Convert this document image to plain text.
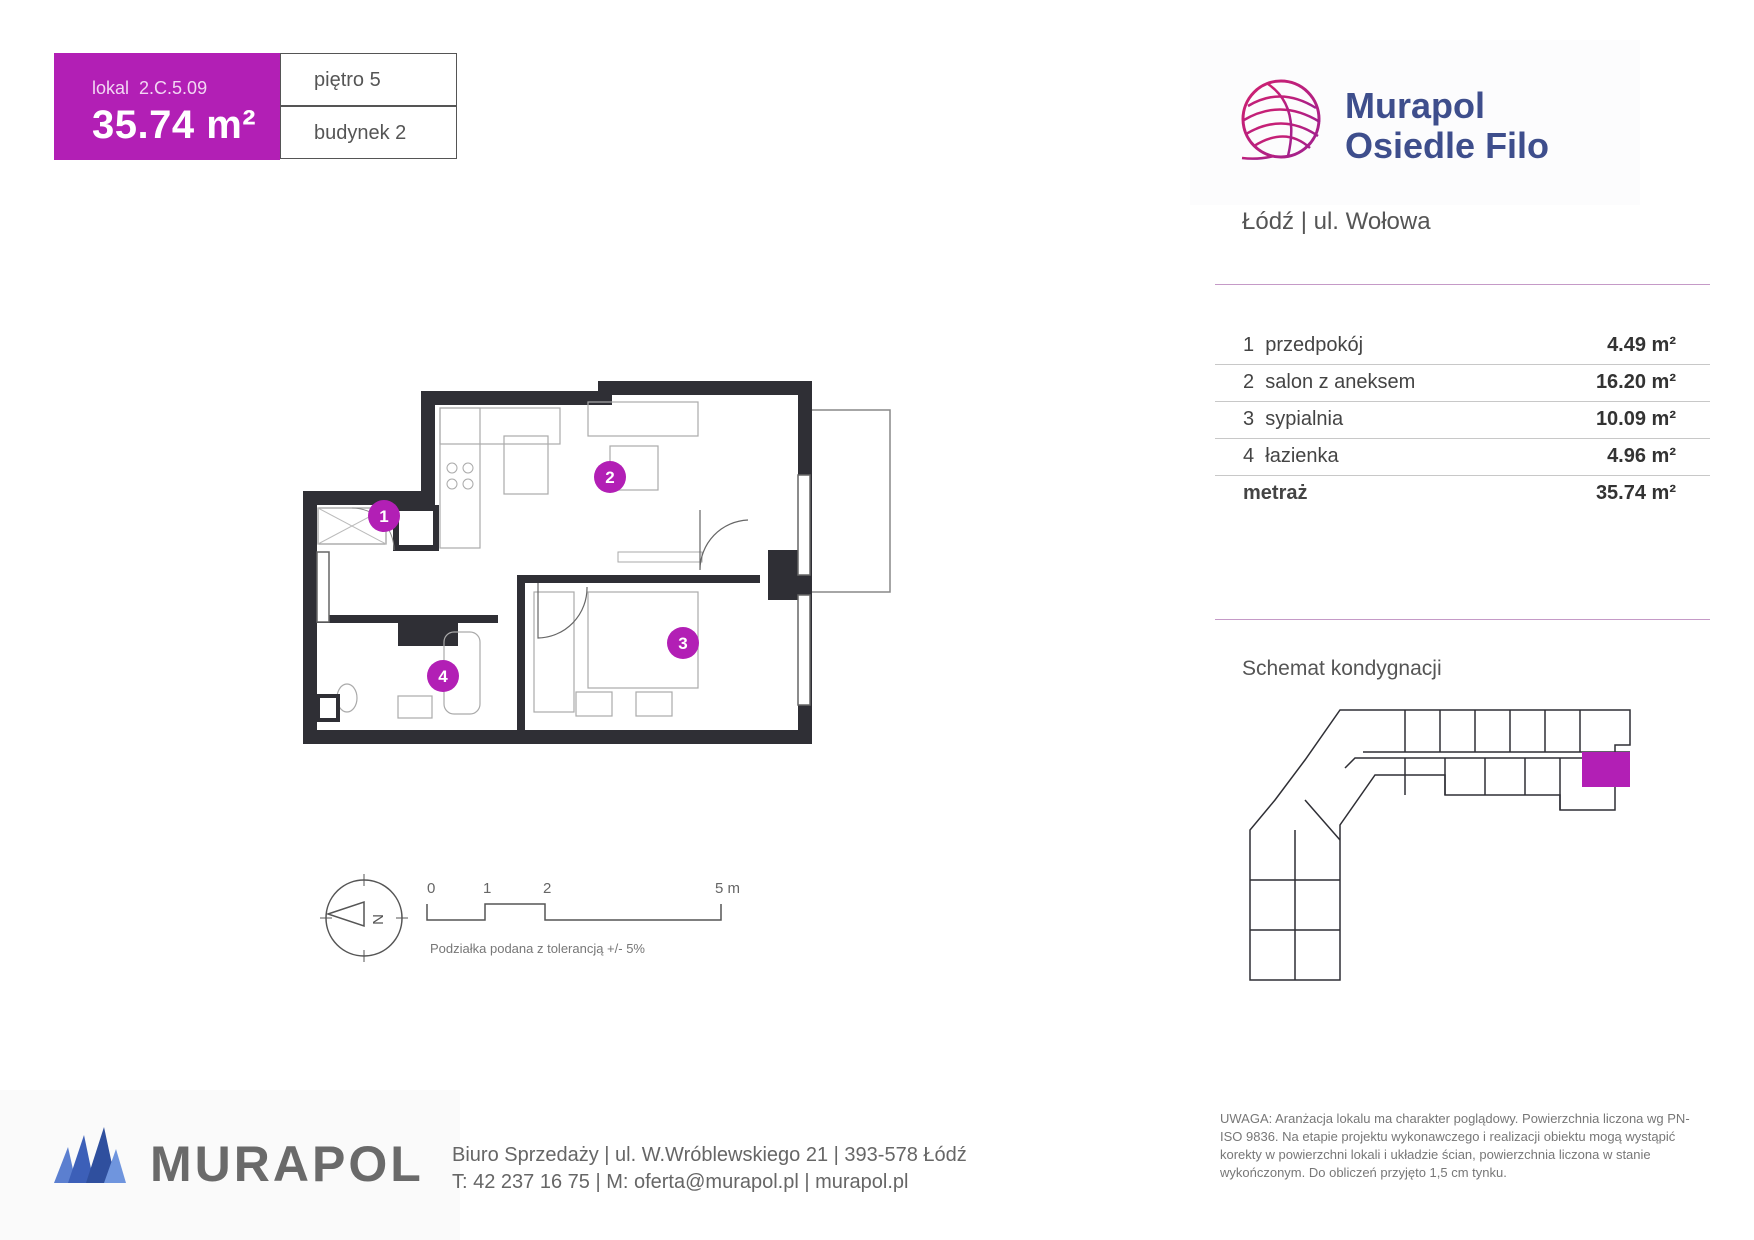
lokal 2.C.5.09
35.74 m²
piętro 5
budynek 2
Murapol
Osiedle Filo
Łódź | ul. Wołowa
1 przedpokój	4.49 m²
2 salon z aneksem	16.20 m²
3 sypialnia	10.09 m²
4 łazienka	4.96 m²
metraż	35.74 m²
Schemat kondygnacji
1
2
3
4
N
0	1	2	5 m
Podziałka podana z tolerancją +/- 5%
MURAPOL Biuro Sprzedaży | ul. W.Wróblewskiego 21 | 393-578 Łódź
T: 42 237 16 75 | M: oferta@murapol.pl | murapol.pl
UWAGA: Aranżacja lokalu ma charakter poglądowy. Powierzchnia liczona wg PN-ISO 9836. Na etapie projektu wykonawczego i realizacji obiektu mogą wystąpić korekty w powierzchni lokali i układzie ścian, powierzchnia liczona w stanie wykończonym. Do obliczeń przyjęto 1,5 cm tynku.
